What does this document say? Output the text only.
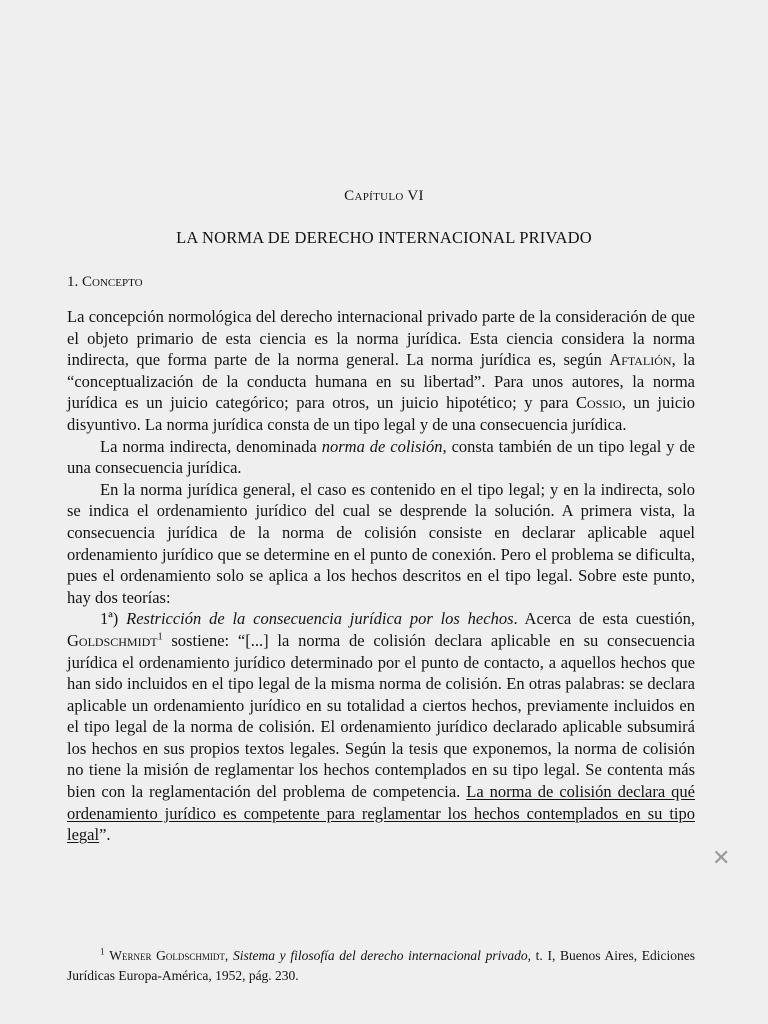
Capítulo VI
LA NORMA DE DERECHO INTERNACIONAL PRIVADO
1. Concepto

La concepción normológica del derecho internacional privado parte de la consideración de que el objeto primario de esta ciencia es la norma jurídica. Esta ciencia considera la norma indirecta, que forma parte de la norma general. La norma jurídica es, según Aftalión, la “conceptualización de la conducta humana en su libertad”. Para unos autores, la norma jurídica es un juicio categórico; para otros, un juicio hipotético; y para Cossio, un juicio disyuntivo. La norma jurídica consta de un tipo legal y de una consecuencia jurídica.

La norma indirecta, denominada norma de colisión, consta también de un tipo legal y de una consecuencia jurídica.

En la norma jurídica general, el caso es contenido en el tipo legal; y en la indirecta, solo se indica el ordenamiento jurídico del cual se desprende la solución. A primera vista, la consecuencia jurídica de la norma de colisión consiste en declarar aplicable aquel ordenamiento jurídico que se determine en el punto de conexión. Pero el problema se dificulta, pues el ordenamiento solo se aplica a los hechos descritos en el tipo legal. Sobre este punto, hay dos teorías:

1ª) Restricción de la consecuencia jurídica por los hechos. Acerca de esta cuestión, Goldschmidt$^1$ sostiene: “[...] la norma de colisión declara aplicable en su consecuencia jurídica el ordenamiento jurídico determinado por el punto de contacto, a aquellos hechos que han sido incluidos en el tipo legal de la misma norma de colisión. En otras palabras: se declara aplicable un ordenamiento jurídico en su totalidad a ciertos hechos, previamente incluidos en el tipo legal de la norma de colisión. El ordenamiento jurídico declarado aplicable subsumirá los hechos en sus propios textos legales. Según la tesis que exponemos, la norma de colisión no tiene la misión de reglamentar los hechos contemplados en su tipo legal. Se contenta más bien con la reglamentación del problema de competencia. La norma de colisión declara qué ordenamiento jurídico es competente para reglamentar los hechos contemplados en su tipo legal”.

$^1$ Werner Goldschmidt, Sistema y filosofía del derecho internacional privado, t. I, Buenos Aires, Ediciones Jurídicas Europa-América, 1952, pág. 230.
✕
